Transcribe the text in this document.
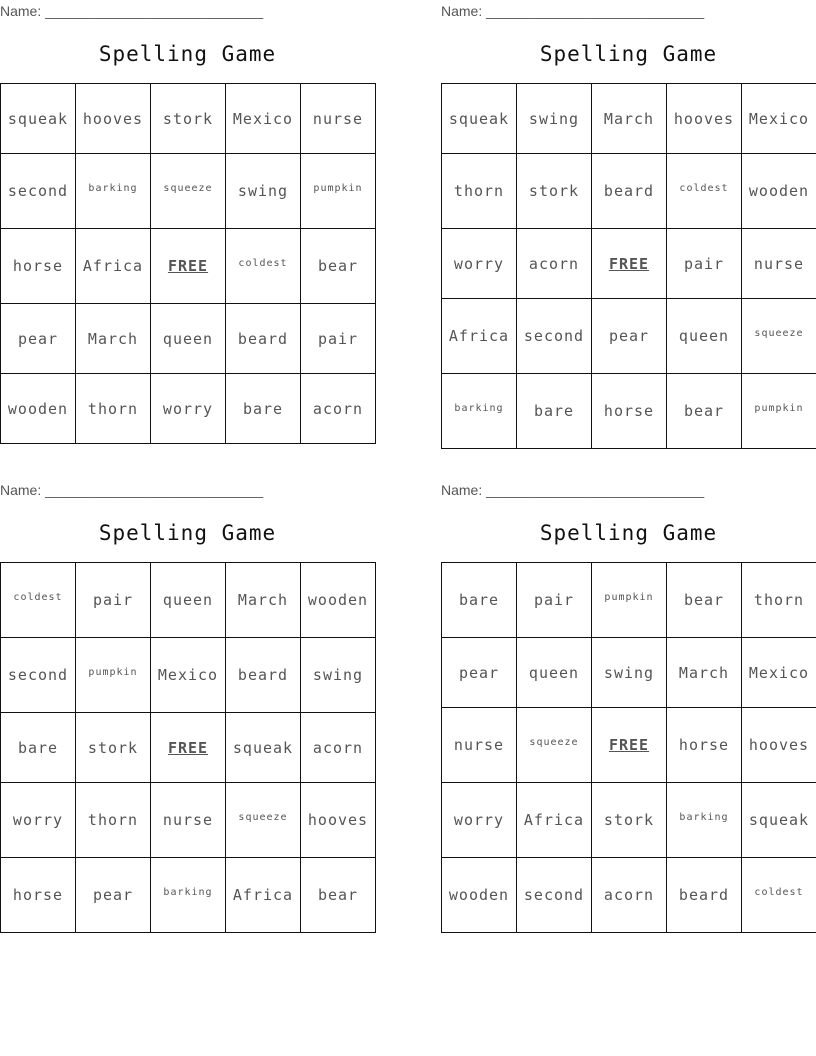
Name: ____________________________
Spelling Game
squeak	hooves	stork	Mexico	nurse
second	barking	squeeze	swing	pumpkin
horse	Africa	FREE	coldest	bear
pear	March	queen	beard	pair
wooden	thorn	worry	bare	acorn
Name: ____________________________
Spelling Game
squeak	swing	March	hooves	Mexico
thorn	stork	beard	coldest	wooden
worry	acorn	FREE	pair	nurse
Africa	second	pear	queen	squeeze
barking	bare	horse	bear	pumpkin
Name: ____________________________
Spelling Game
coldest	pair	queen	March	wooden
second	pumpkin	Mexico	beard	swing
bare	stork	FREE	squeak	acorn
worry	thorn	nurse	squeeze	hooves
horse	pear	barking	Africa	bear
Name: ____________________________
Spelling Game
bare	pair	pumpkin	bear	thorn
pear	queen	swing	March	Mexico
nurse	squeeze	FREE	horse	hooves
worry	Africa	stork	barking	squeak
wooden	second	acorn	beard	coldest
